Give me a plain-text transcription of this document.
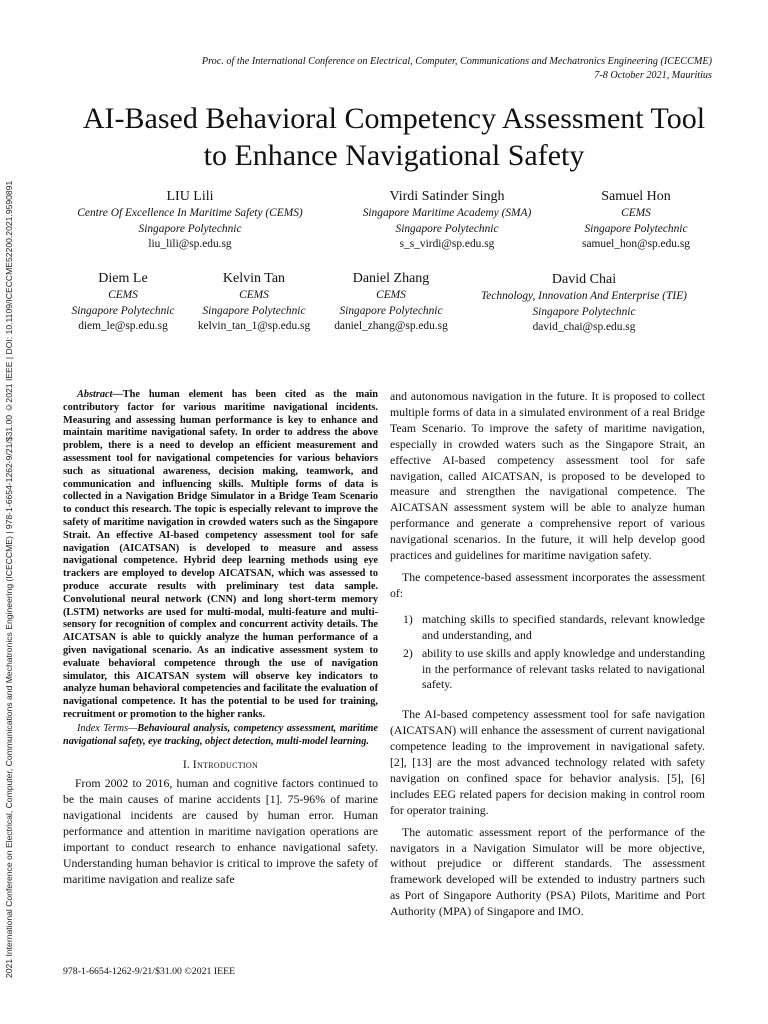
2021 International Conference on Electrical, Computer, Communications and Mechatronics Engineering (ICECCME) | 978-1-6654-1262-9/21/$31.00 ©2021 IEEE | DOI: 10.1109/ICECCME52200.2021.9590891
Proc. of the International Conference on Electrical, Computer, Communications and Mechatronics Engineering (ICECCME)
7-8 October 2021, Mauritius
AI-Based Behavioral Competency Assessment Tool
to Enhance Navigational Safety
LIU Lili
Centre Of Excellence In Maritime Safety (CEMS)
Singapore Polytechnic
liu_lili@sp.edu.sg
Virdi Satinder Singh
Singapore Maritime Academy (SMA)
Singapore Polytechnic
s_s_virdi@sp.edu.sg
Samuel Hon
CEMS
Singapore Polytechnic
samuel_hon@sp.edu.sg
Diem Le
CEMS
Singapore Polytechnic
diem_le@sp.edu.sg
Kelvin Tan
CEMS
Singapore Polytechnic
kelvin_tan_1@sp.edu.sg
Daniel Zhang
CEMS
Singapore Polytechnic
daniel_zhang@sp.edu.sg
David Chai
Technology, Innovation And Enterprise (TIE)
Singapore Polytechnic
david_chai@sp.edu.sg
Abstract—The human element has been cited as the main contributory factor for various maritime navigational incidents. Measuring and assessing human performance is key to enhance and maintain maritime navigational safety. In order to address the above problem, there is a need to develop an efficient measurement and assessment tool for navigational competencies for various behaviors such as situational awareness, decision making, teamwork, and communication and influencing skills. Multiple forms of data is collected in a Navigation Bridge Simulator in a Bridge Team Scenario to conduct this research. The topic is especially relevant to improve the safety of maritime navigation in crowded waters such as the Singapore Strait. An effective AI-based competency assessment tool for safe navigation (AICATSAN) is developed to measure and assess navigational competence. Hybrid deep learning methods using eye trackers are employed to develop AICATSAN, which was assessed to produce accurate results with preliminary test data sample. Convolutional neural network (CNN) and long short-term memory (LSTM) networks are used for multi-modal, multi-feature and multi-sensory for recognition of complex and concurrent activity details. The AICATSAN is able to quickly analyze the human performance of a given navigational scenario. As an indicative assessment system to evaluate behavioral competence through the use of navigation simulator, this AICATSAN system will observe key indicators to analyze human behavioral competencies and facilitate the evaluation of navigational competence. It has the potential to be used for training, recruitment or promotion to the higher ranks.
Index Terms—Behavioural analysis, competency assessment, maritime navigational safety, eye tracking, object detection, multi-model learning.
I. Introduction
From 2002 to 2016, human and cognitive factors continued to be the main causes of marine accidents [1]. 75-96% of marine navigational incidents are caused by human error. Human performance and attention in maritime navigation operations are important to conduct research to enhance navigational safety. Understanding human behavior is critical to improve the safety of maritime navigation and realize safe
and autonomous navigation in the future. It is proposed to collect multiple forms of data in a simulated environment of a real Bridge Team Scenario. To improve the safety of maritime navigation, especially in crowded waters such as the Singapore Strait, an effective AI-based competency assessment tool for safe navigation, called AICATSAN, is proposed to be developed to measure and strengthen the navigational competence. The AICATSAN assessment system will be able to analyze human performance and generate a comprehensive report of various navigational scenarios. In the future, it will help develop good practices and guidelines for maritime navigation safety.
The competence-based assessment incorporates the assessment of:
1) matching skills to specified standards, relevant knowledge and understanding, and
2) ability to use skills and apply knowledge and understanding in the performance of relevant tasks related to navigational safety.
The AI-based competency assessment tool for safe navigation (AICATSAN) will enhance the assessment of current navigational competence leading to the improvement in navigational safety. [2], [13] are the most advanced technology related with safety navigation on confined space for behavior analysis. [5], [6] includes EEG related papers for decision making in control room for operator training.
The automatic assessment report of the performance of the navigators in a Navigation Simulator will be more objective, without prejudice or different standards. The assessment framework developed will be extended to industry partners such as Port of Singapore Authority (PSA) Pilots, Maritime and Port Authority (MPA) of Singapore and IMO.
978-1-6654-1262-9/21/$31.00 ©2021 IEEE
